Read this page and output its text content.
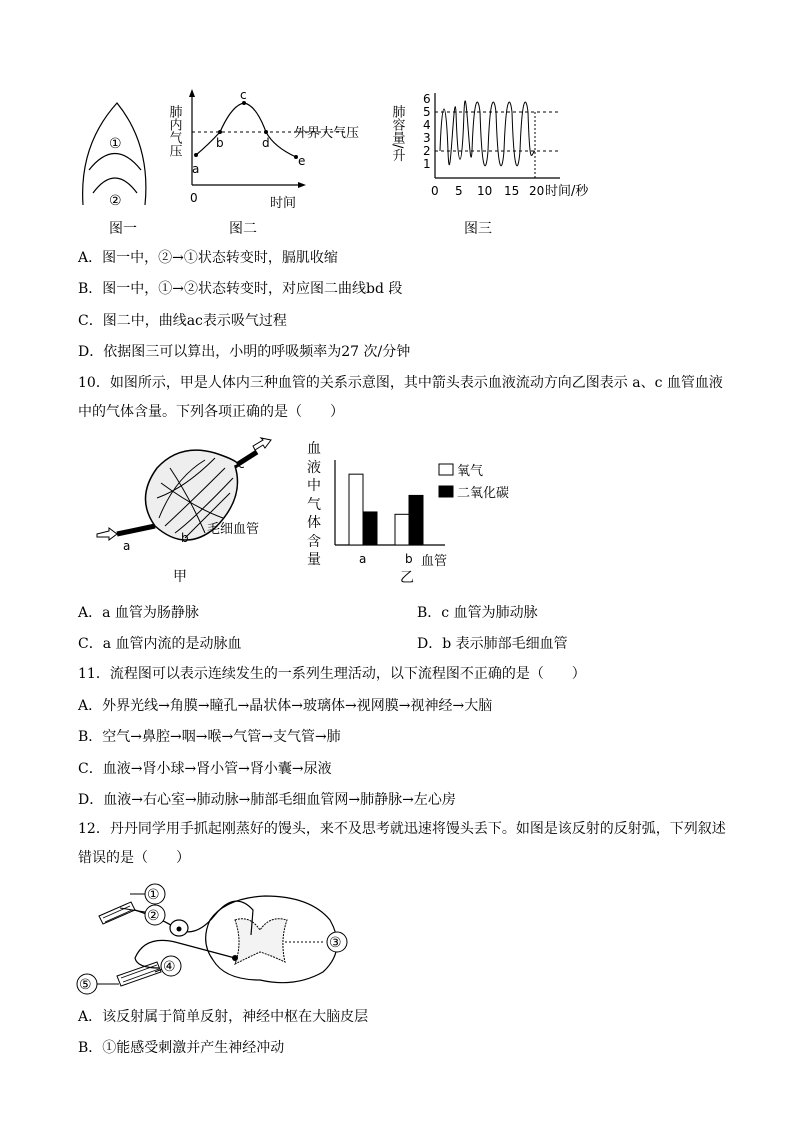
①
②
图一
肺内气压
a
b
c
d
e
0	时间
外界大气压
图二
肺容量/升
6
5
4
3
2
1
0 5 10 15 20 时间/秒
图三
A．图一中，②→①状态转变时，膈肌收缩
B．图一中，①→②状态转变时，对应图二曲线bd 段
C．图二中，曲线ac表示吸气过程
D．依据图三可以算出，小明的呼吸频率为27 次/分钟
10．如图所示，甲是人体内三种血管的关系示意图，其中箭头表示血液流动方向乙图表示 a、c 血管血液中的气体含量。下列各项正确的是（　　）
a
b
c
毛细血管
甲
血
液
中
气
体
含
量	a	b 血管
氧气
二氧化碳
乙
A．a 血管为肠静脉	B．c 血管为肺动脉
C．a 血管内流的是动脉血	D．b 表示肺部毛细血管
11．流程图可以表示连续发生的一系列生理活动，以下流程图不正确的是（　　）
A．外界光线→角膜→瞳孔→晶状体→玻璃体→视网膜→视神经→大脑
B．空气→鼻腔→咽→喉→气管→支气管→肺
C．血液→肾小球→肾小管→肾小囊→尿液
D．血液→右心室→肺动脉→肺部毛细血管网→肺静脉→左心房
12．丹丹同学用手抓起刚蒸好的馒头，来不及思考就迅速将馒头丢下。如图是该反射的反射弧，下列叙述错误的是（　　）
①
②
③
④
⑤
A．该反射属于简单反射，神经中枢在大脑皮层
B．①能感受刺激并产生神经冲动
